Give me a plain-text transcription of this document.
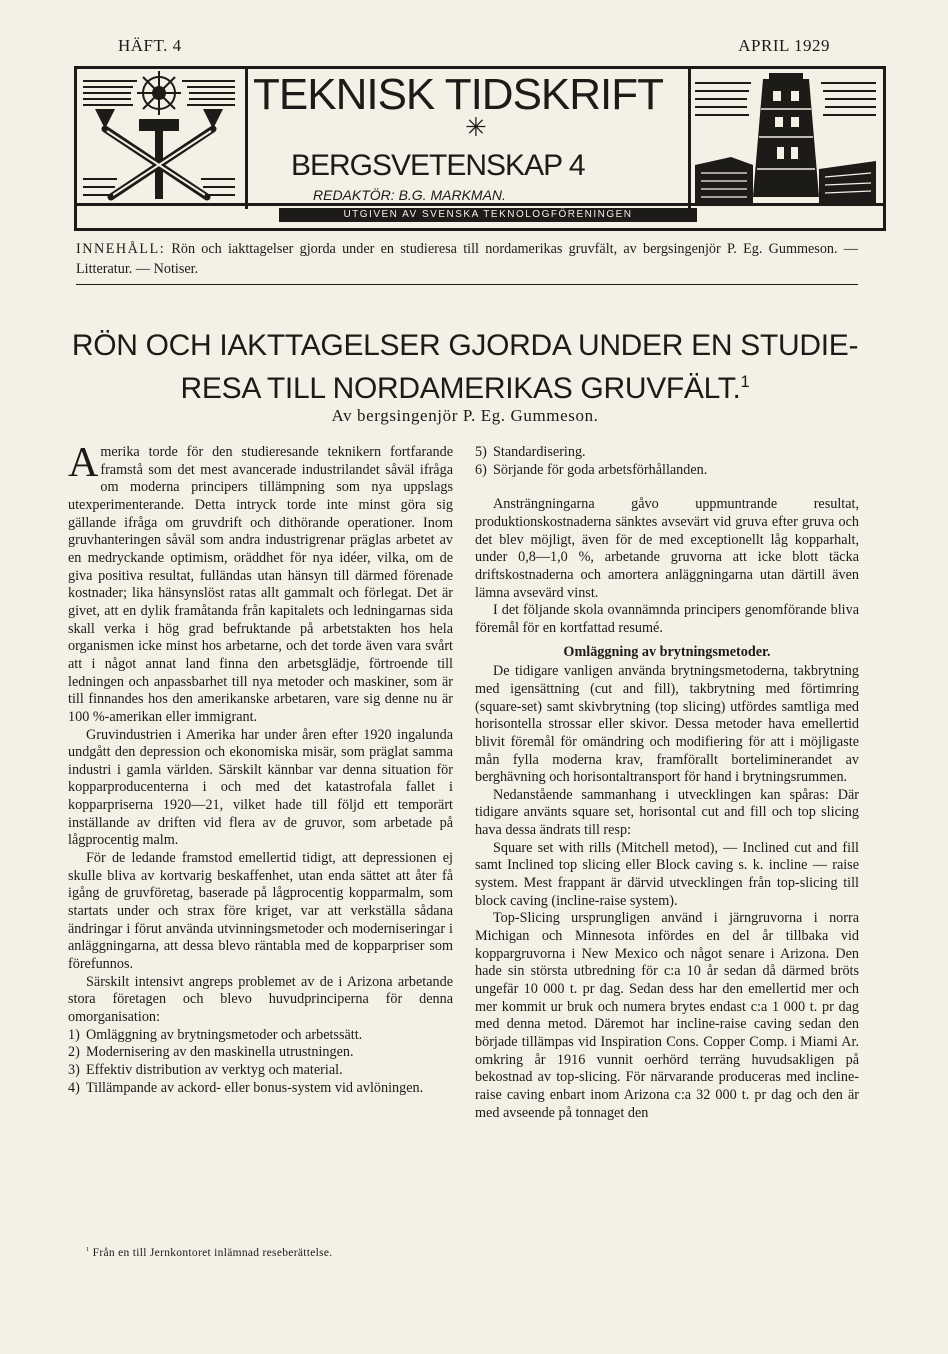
HÄFT. 4	APRIL 1929
TEKNISK TIDSKRIFT
✳
BERGSVETENSKAP 4
REDAKTÖR: B.G. MARKMAN.
UTGIVEN AV SVENSKA TEKNOLOGFÖRENINGEN
INNEHÅLL: Rön och iakttagelser gjorda under en studieresa till nordamerikas gruvfält, av bergsingenjör P. Eg. Gummeson. — Litteratur. — Notiser.
RÖN OCH IAKTTAGELSER GJORDA UNDER EN STUDIE-RESA TILL NORDAMERIKAS GRUVFÄLT.$^1$
Av bergsingenjör P. Eg. Gummeson.

Amerika torde för den studieresande teknikern fortfarande framstå som det mest avancerade industrilandet såväl ifråga om moderna principers tillämpning som nya uppslags utexperimenterande. Detta intryck torde inte minst göra sig gällande ifråga om gruvdrift och dithörande operationer. Inom gruvhanteringen såväl som andra industrigrenar präglas arbetet av en medryckande optimism, oräddhet för nya idéer, vilka, om de giva positiva resultat, fulländas utan hänsyn till därmed förenade kostnader; lika hänsynslöst ratas allt gammalt och förlegat. Det är givet, att en dylik framåtanda från kapitalets och ledningarnas sida skall verka i hög grad befruktande på arbetstakten hos hela organismen icke minst hos arbetarne, och det torde även vara svårt att i något annat land finna den arbetsglädje, förtroende till ledningen och anpassbarhet till nya metoder och maskiner, som är till finnandes hos den amerikanske arbetaren, vare sig denne nu är 100 %-amerikan eller immigrant.

Gruvindustrien i Amerika har under åren efter 1920 ingalunda undgått den depression och ekonomiska misär, som präglat samma industri i gamla världen. Särskilt kännbar var denna situation för kopparproducenterna i och med det katastrofala fallet i kopparpriserna 1920—21, vilket hade till följd ett temporärt inställande av driften vid flera av de gruvor, som arbetade på lågprocentig malm.

För de ledande framstod emellertid tidigt, att depressionen ej skulle bliva av kortvarig beskaffenhet, utan enda sättet att åter få igång de gruvföretag, baserade på lågprocentig kopparmalm, som startats under och strax före kriget, var att verkställa sådana ändringar i förut använda utvinningsmetoder och moderniseringar i anläggningarna, att dessa blevo räntabla med de kopparpriser som förefunnos.

Särskilt intensivt angreps problemet av de i Arizona arbetande stora företagen och blevo huvudprinciperna för denna omorganisation:

1) Omläggning av brytningsmetoder och arbetssätt.

2) Modernisering av den maskinella utrustningen.

3) Effektiv distribution av verktyg och material.

4) Tillämpande av ackord- eller bonus-system vid avlöningen.

5) Standardisering.

6) Sörjande för goda arbetsförhållanden.

Ansträngningarna gåvo uppmuntrande resultat, produktionskostnaderna sänktes avsevärt vid gruva efter gruva och det blev möjligt, även för de med exceptionellt låg kopparhalt, under 0,8—1,0 %, arbetande gruvorna att icke blott täcka driftskostnaderna och amortera anläggningarna utan därtill även lämna avsevärd vinst.

I det följande skola ovannämnda principers genomförande bliva föremål för en kortfattad resumé.

Omläggning av brytningsmetoder.

De tidigare vanligen använda brytningsmetoderna, takbrytning med igensättning (cut and fill), takbrytning med förtimring (square-set) samt skivbrytning (top slicing) utfördes samtliga med horisontella strossar eller skivor. Dessa metoder hava emellertid blivit föremål för omändring och modifiering för att i möjligaste mån fylla moderna krav, framförallt borteliminerandet av berghävning och horisontaltransport för hand i brytningsrummen.

Nedanstående sammanhang i utvecklingen kan spåras: Där tidigare använts square set, horisontal cut and fill och top slicing hava dessa ändrats till resp:

Square set with rills (Mitchell metod), — Inclined cut and fill samt Inclined top slicing eller Block caving s. k. incline — raise system. Mest frappant är därvid utvecklingen från top-slicing till block caving (incline-raise system).

Top-Slicing ursprungligen använd i järngruvorna i norra Michigan och Minnesota infördes en del år tillbaka vid koppargruvorna i New Mexico och något senare i Arizona. Den hade sin största utbredning för c:a 10 år sedan då därmed bröts ungefär 10 000 t. pr dag. Sedan dess har den emellertid mer och mer kommit ur bruk och numera brytes endast c:a 1 000 t. pr dag med denna metod. Däremot har incline-raise caving sedan den började tillämpas vid Inspiration Cons. Copper Comp. i Miami Ar. omkring år 1916 vunnit oerhörd terräng huvudsakligen på bekostnad av top-slicing. För närvarande produceras med incline-raise caving enbart inom Arizona c:a 32 000 t. pr dag och den är med avseende på tonnaget den

$^1$ Från en till Jernkontoret inlämnad reseberättelse.
